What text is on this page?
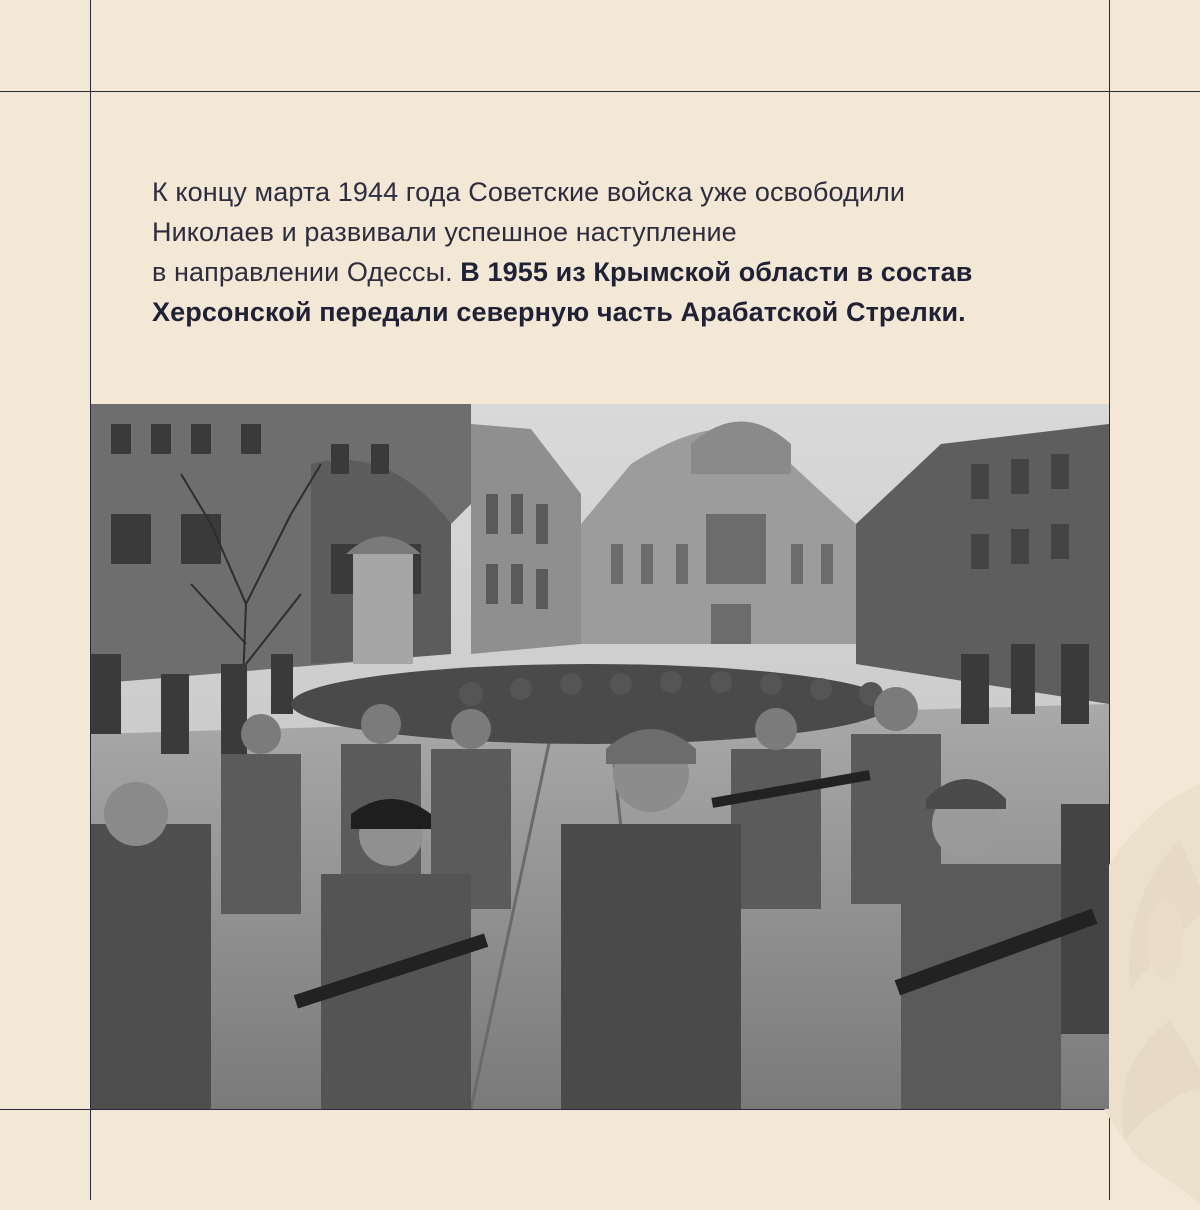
К концу марта 1944 года Советские войска уже освободили
Николаев и развивали успешное наступление
в направлении Одессы. В 1955 из Крымской области в состав
Херсонской передали северную часть Арабатской Стрелки.
